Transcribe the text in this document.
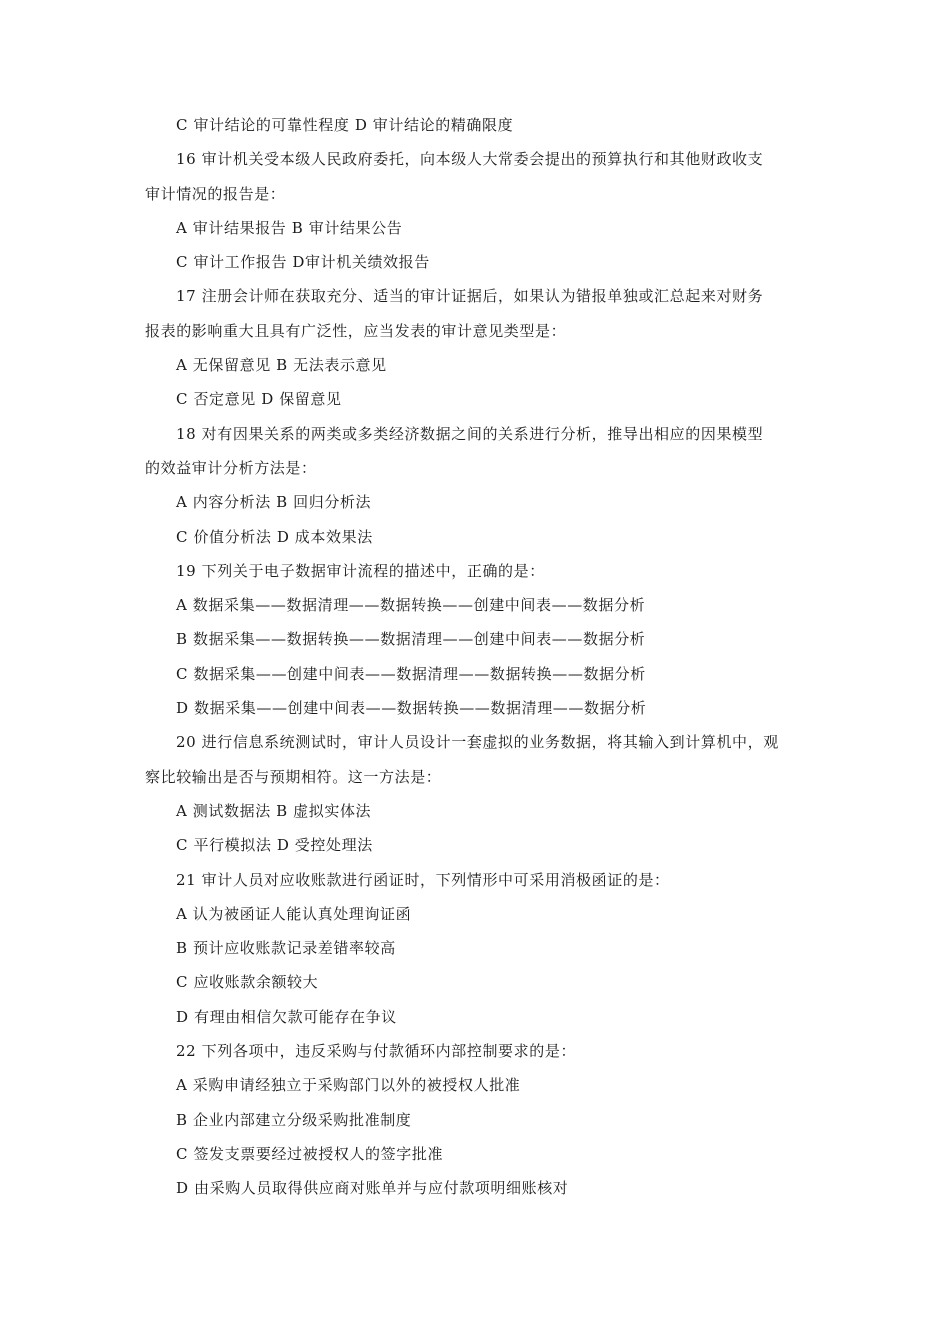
C 审计结论的可靠性程度 D 审计结论的精确限度
16 审计机关受本级人民政府委托，向本级人大常委会提出的预算执行和其他财政收支
审计情况的报告是：
A 审计结果报告 B 审计结果公告
C 审计工作报告 D审计机关绩效报告
17 注册会计师在获取充分、适当的审计证据后，如果认为错报单独或汇总起来对财务
报表的影响重大且具有广泛性，应当发表的审计意见类型是：
A 无保留意见 B 无法表示意见
C 否定意见 D 保留意见
18 对有因果关系的两类或多类经济数据之间的关系进行分析，推导出相应的因果模型
的效益审计分析方法是：
A 内容分析法 B 回归分析法
C 价值分析法 D 成本效果法
19 下列关于电子数据审计流程的描述中，正确的是：
A 数据采集——数据清理——数据转换——创建中间表——数据分析
B 数据采集——数据转换——数据清理——创建中间表——数据分析
C 数据采集——创建中间表——数据清理——数据转换——数据分析
D 数据采集——创建中间表——数据转换——数据清理——数据分析
20 进行信息系统测试时，审计人员设计一套虚拟的业务数据，将其输入到计算机中，观
察比较输出是否与预期相符。这一方法是：
A 测试数据法 B 虚拟实体法
C 平行模拟法 D 受控处理法
21 审计人员对应收账款进行函证时，下列情形中可采用消极函证的是：
A 认为被函证人能认真处理询证函
B 预计应收账款记录差错率较高
C 应收账款余额较大
D 有理由相信欠款可能存在争议
22 下列各项中，违反采购与付款循环内部控制要求的是：
A 采购申请经独立于采购部门以外的被授权人批准
B 企业内部建立分级采购批准制度
C 签发支票要经过被授权人的签字批准
D 由采购人员取得供应商对账单并与应付款项明细账核对
